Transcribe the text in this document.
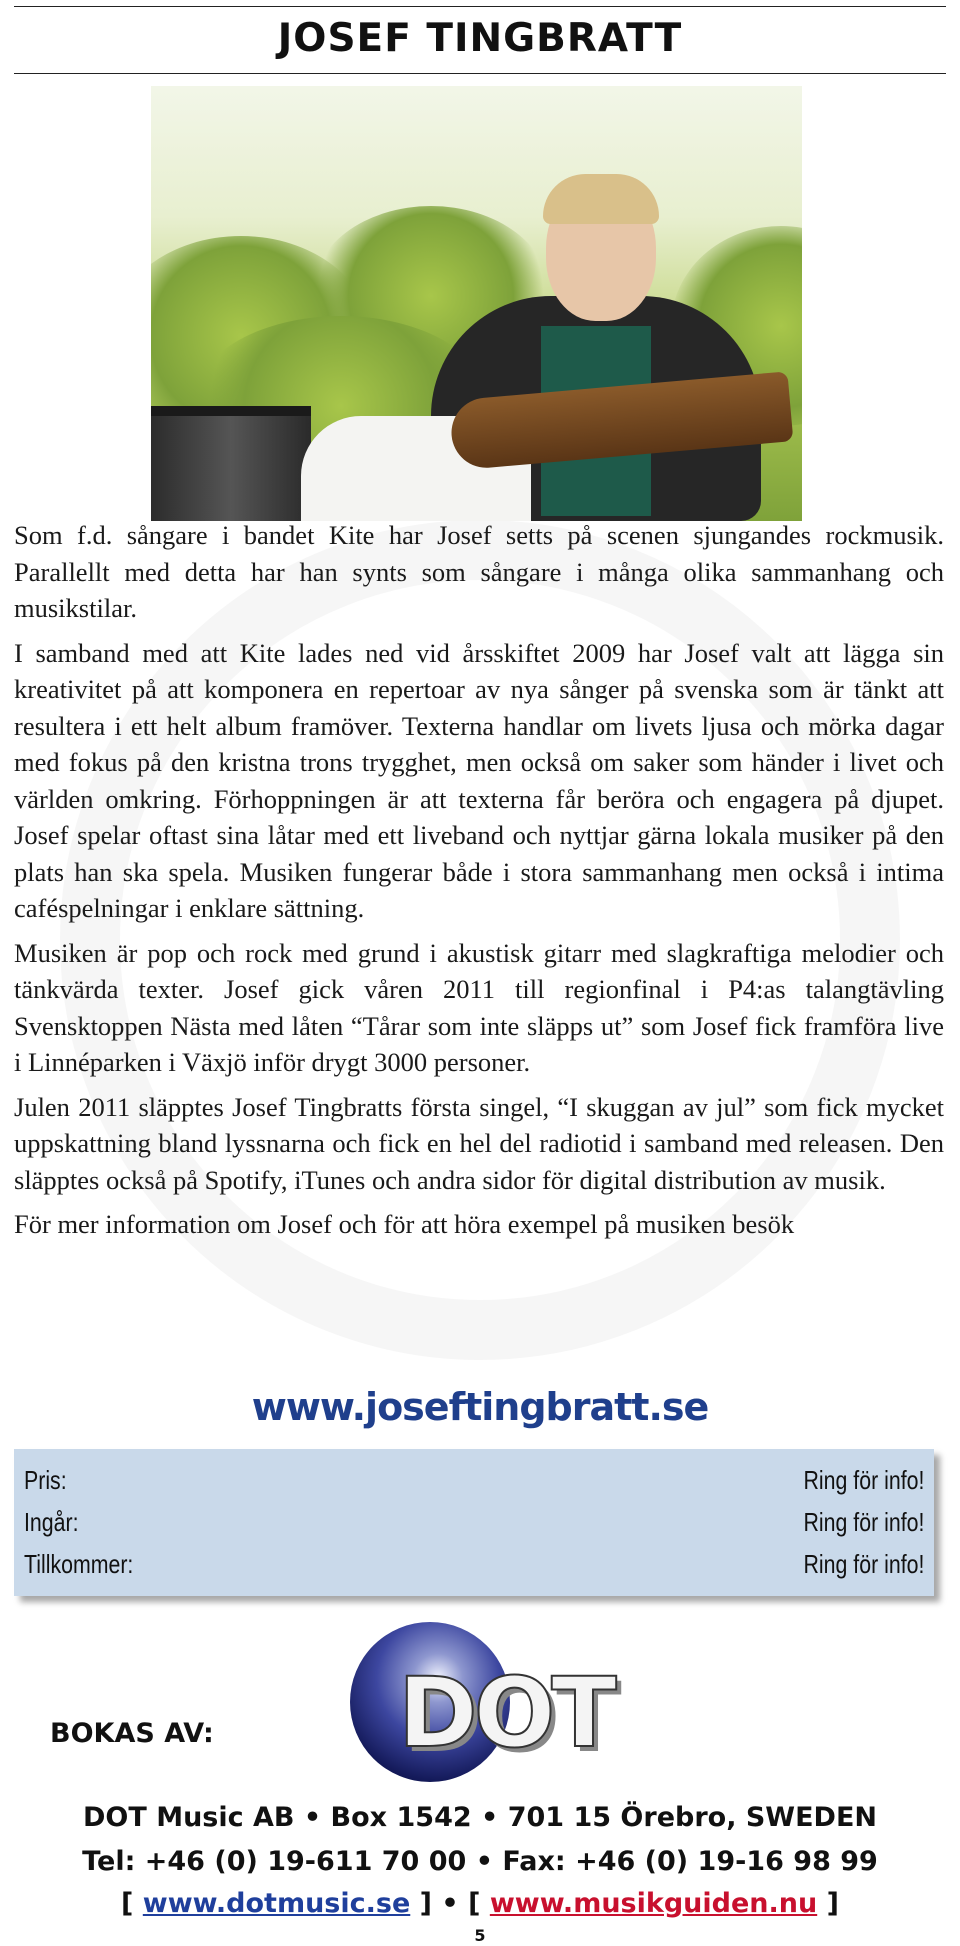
JOSEF TINGBRATT

Som f.d. sångare i bandet Kite har Josef setts på scenen sjungandes rockmusik. Parallellt med detta har han synts som sångare i många olika sammanhang och musikstilar.

I samband med att Kite lades ned vid årsskiftet 2009 har Josef valt att lägga sin kreativitet på att komponera en repertoar av nya sånger på svenska som är tänkt att resultera i ett helt album framöver. Texterna handlar om livets ljusa och mörka dagar med fokus på den kristna trons trygghet, men också om saker som händer i livet och världen omkring. Förhoppningen är att texterna får beröra och engagera på djupet. Josef spelar oftast sina låtar med ett liveband och nyttjar gärna lokala musiker på den plats han ska spela. Musiken fungerar både i stora sammanhang men också i intima caféspelningar i enklare sättning.

Musiken är pop och rock med grund i akustisk gitarr med slagkraftiga melodier och tänkvärda texter. Josef gick våren 2011 till regionfinal i P4:as talangtävling Svensktoppen Nästa med låten “Tårar som inte släpps ut” som Josef fick framföra live i Linnéparken i Växjö inför drygt 3000 personer.

Julen 2011 släpptes Josef Tingbratts första singel, “I skuggan av jul” som fick mycket uppskattning bland lyssnarna och fick en hel del radiotid i samband med releasen. Den släpptes också på Spotify, iTunes och andra sidor för digital distribution av musik.

För mer information om Josef och för att höra exempel på musiken besök

www.joseftingbratt.se
Pris:	Ring för info!
Ingår:	Ring för info!
Tillkommer:	Ring för info!
BOKAS AV: DOT
DOT Music AB • Box 1542 • 701 15 Örebro, SWEDEN
Tel: +46 (0) 19-611 70 00 • Fax: +46 (0) 19-16 98 99
[ www.dotmusic.se ] • [ www.musikguiden.nu ]
5
